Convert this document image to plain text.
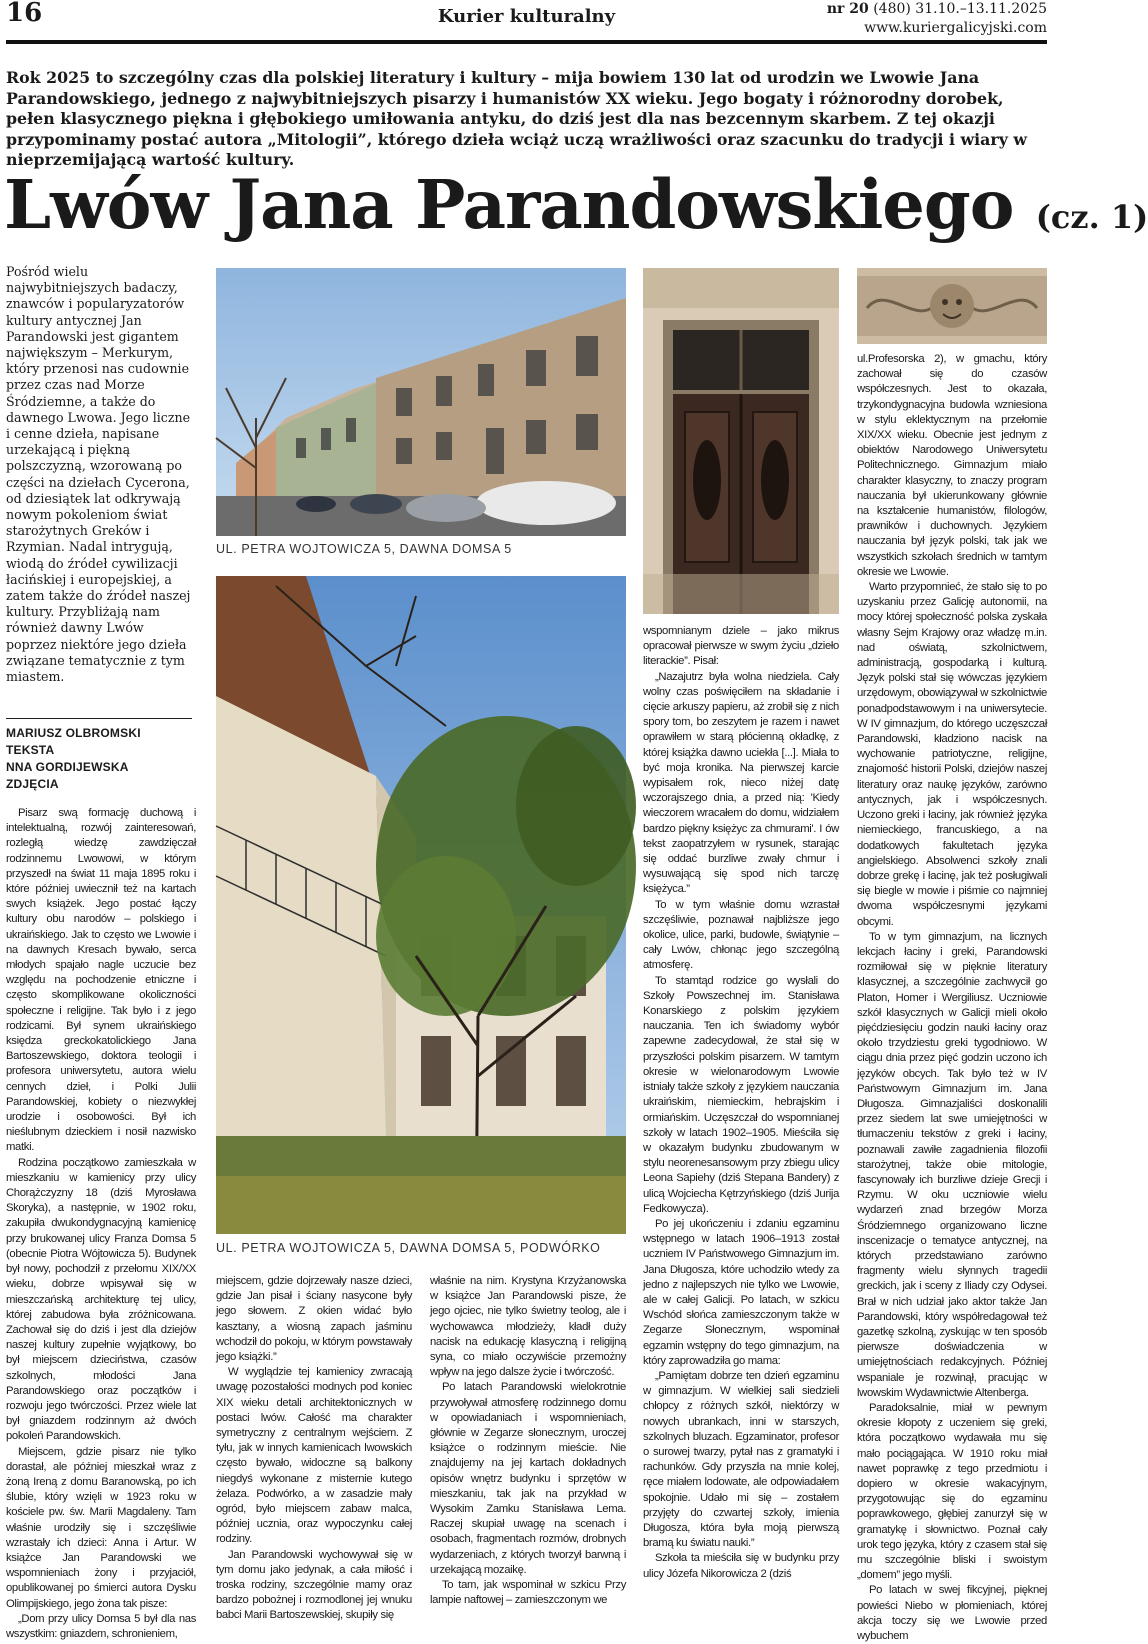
16	Kurier kulturalny	nr 20 (480) 31.10.–13.11.2025
www.kuriergalicyjski.com
Rok 2025 to szczególny czas dla polskiej literatury i kultury – mija bowiem 130 lat od urodzin we Lwowie Jana Parandowskiego, jednego z najwybitniejszych pisarzy i humanistów XX wieku. Jego bogaty i różnorodny dorobek, pełen klasycznego piękna i głębokiego umiłowania antyku, do dziś jest dla nas bezcennym skarbem. Z tej okazji przypominamy postać autora „Mitologii”, którego dzieła wciąż uczą wrażliwości oraz szacunku do tradycji i wiary w nieprzemijającą wartość kultury.
Lwów Jana Parandowskiego (cz. 1)
Pośród wielu najwybitniejszych badaczy, znawców i popularyzatorów kultury antycznej Jan Parandowski jest gigantem największym – Merkurym, który przenosi nas cudownie przez czas nad Morze Śródziemne, a także do dawnego Lwowa. Jego liczne i cenne dzieła, napisane urzekającą i piękną polszczyzną, wzorowaną po części na dziełach Cycerona, od dziesiątek lat odkrywają nowym pokoleniom świat starożytnych Greków i Rzymian. Nadal intrygują, wiodą do źródeł cywilizacji łacińskiej i europejskiej, a zatem także do źródeł naszej kultury. Przybliżają nam również dawny Lwów poprzez niektóre jego dzieła związane tematycznie z tym miastem.
MARIUSZ OLBROMSKI
TEKSTA
NNA GORDIJEWSKA
ZDJĘCIA
UL. PETRA WOJTOWICZA 5, DAWNA DOMSA 5
UL. PETRA WOJTOWICZA 5, DAWNA DOMSA 5, PODWÓRKO

Pisarz swą formację duchową i intelektualną, rozwój zainteresowań, rozległą wiedzę zawdzięczał rodzinnemu Lwowowi, w którym przyszedł na świat 11 maja 1895 roku i które później uwiecznił też na kartach swych książek. Jego postać łączy kultury obu narodów – polskiego i ukraińskiego. Jak to często we Lwowie i na dawnych Kresach bywało, serca młodych spajało nagle uczucie bez względu na pochodzenie etniczne i często skomplikowane okoliczności społeczne i religijne. Tak było i z jego rodzicami. Był synem ukraińskiego księdza greckokatolickiego Jana Bartoszewskiego, doktora teologii i profesora uniwersytetu, autora wielu cennych dzieł, i Polki Julii Parandowskiej, kobiety o niezwykłej urodzie i osobowości. Był ich nieślubnym dzieckiem i nosił nazwisko matki.

Rodzina początkowo zamieszkała w mieszkaniu w kamienicy przy ulicy Chorążczyzny 18 (dziś Myrosława Skoryka), a następnie, w 1902 roku, zakupiła dwukondygnacyjną kamienicę przy brukowanej ulicy Franza Domsa 5 (obecnie Piotra Wójtowicza 5). Budynek był nowy, pochodził z przełomu XIX/XX wieku, dobrze wpisywał się w mieszczańską architekturę tej ulicy, której zabudowa była zróżnicowana. Zachował się do dziś i jest dla dziejów naszej kultury zupełnie wyjątkowy, bo był miejscem dzieciństwa, czasów szkolnych, młodości Jana Parandowskiego oraz początków i rozwoju jego twórczości. Przez wiele lat był gniazdem rodzinnym aż dwóch pokoleń Parandowskich.

Miejscem, gdzie pisarz nie tylko dorastał, ale później mieszkał wraz z żoną Ireną z domu Baranowską, po ich ślubie, który wzięli w 1923 roku w kościele pw. św. Marii Magdaleny. Tam właśnie urodziły się i szczęśliwie wzrastały ich dzieci: Anna i Artur. W książce Jan Parandowski we wspomnieniach żony i przyjaciół, opublikowanej po śmierci autora Dysku Olimpijskiego, jego żona tak pisze:

„Dom przy ulicy Domsa 5 był dla nas wszystkim: gniazdem, schronieniem,

miejscem, gdzie dojrzewały nasze dzieci, gdzie Jan pisał i ściany nasycone były jego słowem. Z okien widać było kasztany, a wiosną zapach jaśminu wchodził do pokoju, w którym powstawały jego książki.”

W wyglądzie tej kamienicy zwracają uwagę pozostałości modnych pod koniec XIX wieku detali architektonicznych w postaci lwów. Całość ma charakter symetryczny z centralnym wejściem. Z tyłu, jak w innych kamienicach lwowskich często bywało, widoczne są balkony niegdyś wykonane z misternie kutego żelaza. Podwórko, a w zasadzie mały ogród, było miejscem zabaw malca, później ucznia, oraz wypoczynku całej rodziny.

Jan Parandowski wychowywał się w tym domu jako jedynak, a cała miłość i troska rodziny, szczególnie mamy oraz bardzo pobożnej i rozmodlonej jej wnuku babci Marii Bartoszewskiej, skupiły się

właśnie na nim. Krystyna Krzyżanowska w książce Jan Parandowski pisze, że jego ojciec, nie tylko świetny teolog, ale i wychowawca młodzieży, kładł duży nacisk na edukację klasyczną i religijną syna, co miało oczywiście przemożny wpływ na jego dalsze życie i twórczość.

Po latach Parandowski wielokrotnie przywoływał atmosferę rodzinnego domu w opowiadaniach i wspomnieniach, głównie w Zegarze słonecznym, uroczej książce o rodzinnym mieście. Nie znajdujemy na jej kartach dokładnych opisów wnętrz budynku i sprzętów w mieszkaniu, tak jak na przykład w Wysokim Zamku Stanisława Lema. Raczej skupiał uwagę na scenach i osobach, fragmentach rozmów, drobnych wydarzeniach, z których tworzył barwną i urzekającą mozaikę.

To tam, jak wspominał w szkicu Przy lampie naftowej – zamieszczonym we

wspomnianym dziele – jako mikrus opracował pierwsze w swym życiu „dzieło literackie”. Pisał:

„Nazajutrz była wolna niedziela. Cały wolny czas poświęciłem na składanie i cięcie arkuszy papieru, aż zrobił się z nich spory tom, bo zeszytem je razem i nawet oprawiłem w starą płócienną okładkę, z której książka dawno uciekła [...]. Miała to być moja kronika. Na pierwszej karcie wypisałem rok, nieco niżej datę wczorajszego dnia, a przed nią: 'Kiedy wieczorem wracałem do domu, widziałem bardzo piękny księżyc za chmurami'. I ów tekst zaopatrzyłem w rysunek, starając się oddać burzliwe zwały chmur i wysuwającą się spod nich tarczę księżyca.”

To w tym właśnie domu wzrastał szczęśliwie, poznawał najbliższe jego okolice, ulice, parki, budowle, świątynie – cały Lwów, chłonąc jego szczególną atmosferę.

To stamtąd rodzice go wysłali do Szkoły Powszechnej im. Stanisława Konarskiego z polskim językiem nauczania. Ten ich świadomy wybór zapewne zadecydował, że stał się w przyszłości polskim pisarzem. W tamtym okresie w wielonarodowym Lwowie istniały także szkoły z językiem nauczania ukraińskim, niemieckim, hebrajskim i ormiańskim. Uczęszczał do wspomnianej szkoły w latach 1902–1905. Mieściła się w okazałym budynku zbudowanym w stylu neorenesansowym przy zbiegu ulicy Leona Sapiehy (dziś Stepana Bandery) z ulicą Wojciecha Kętrzyńskiego (dziś Jurija Fedkowycza).

Po jej ukończeniu i zdaniu egzaminu wstępnego w latach 1906–1913 został uczniem IV Państwowego Gimnazjum im. Jana Długosza, które uchodziło wtedy za jedno z najlepszych nie tylko we Lwowie, ale w całej Galicji. Po latach, w szkicu Wschód słońca zamieszczonym także w Zegarze Słonecznym, wspominał egzamin wstępny do tego gimnazjum, na który zaprowadziła go mama:

„Pamiętam dobrze ten dzień egzaminu w gimnazjum. W wielkiej sali siedzieli chłopcy z różnych szkół, niektórzy w nowych ubrankach, inni w starszych, szkolnych bluzach. Egzaminator, profesor o surowej twarzy, pytał nas z gramatyki i rachunków. Gdy przyszła na mnie kolej, ręce miałem lodowate, ale odpowiadałem spokojnie. Udało mi się – zostałem przyjęty do czwartej szkoły, imienia Długosza, która była moją pierwszą bramą ku światu nauki.”

Szkoła ta mieściła się w budynku przy ulicy Józefa Nikorowicza 2 (dziś

ul.Profesorska 2), w gmachu, który zachował się do czasów współczesnych. Jest to okazała, trzykondygnacyjna budowla wzniesiona w stylu eklektycznym na przełomie XIX/XX wieku. Obecnie jest jednym z obiektów Narodowego Uniwersytetu Politechnicznego. Gimnazjum miało charakter klasyczny, to znaczy program nauczania był ukierunkowany głównie na kształcenie humanistów, filologów, prawników i duchownych. Językiem nauczania był język polski, tak jak we wszystkich szkołach średnich w tamtym okresie we Lwowie.

Warto przypomnieć, że stało się to po uzyskaniu przez Galicję autonomii, na mocy której społeczność polska zyskała własny Sejm Krajowy oraz władzę m.in. nad oświatą, szkolnictwem, administracją, gospodarką i kulturą. Język polski stał się wówczas językiem urzędowym, obowiązywał w szkolnictwie ponadpodstawowym i na uniwersytecie. W IV gimnazjum, do którego uczęszczał Parandowski, kładziono nacisk na wychowanie patriotyczne, religijne, znajomość historii Polski, dziejów naszej literatury oraz naukę języków, zarówno antycznych, jak i współczesnych. Uczono greki i łaciny, jak również języka niemieckiego, francuskiego, a na dodatkowych fakultetach języka angielskiego. Absolwenci szkoły znali dobrze grekę i łacinę, jak też posługiwali się biegle w mowie i piśmie co najmniej dwoma współczesnymi językami obcymi.

To w tym gimnazjum, na licznych lekcjach łaciny i greki, Parandowski rozmiłował się w pięknie literatury klasycznej, a szczególnie zachwycił go Platon, Homer i Wergiliusz. Uczniowie szkół klasycznych w Galicji mieli około pięćdziesięciu godzin nauki łaciny oraz około trzydziestu greki tygodniowo. W ciągu dnia przez pięć godzin uczono ich języków obcych. Tak było też w IV Państwowym Gimnazjum im. Jana Długosza. Gimnazjaliści doskonalili przez siedem lat swe umiejętności w tłumaczeniu tekstów z greki i łaciny, poznawali zawiłe zagadnienia filozofii starożytnej, także obie mitologie, fascynowały ich burzliwe dzieje Grecji i Rzymu. W oku uczniowie wielu wydarzeń znad brzegów Morza Śródziemnego organizowano liczne inscenizacje o tematyce antycznej, na których przedstawiano zarówno fragmenty wielu słynnych tragedii greckich, jak i sceny z Iliady czy Odysei. Brał w nich udział jako aktor także Jan Parandowski, który współredagował też gazetkę szkolną, zyskując w ten sposób pierwsze doświadczenia w umiejętnościach redakcyjnych. Później wspaniale je rozwinął, pracując w lwowskim Wydawnictwie Altenberga.

Paradoksalnie, miał w pewnym okresie kłopoty z uczeniem się greki, która początkowo wydawała mu się mało pociągająca. W 1910 roku miał nawet poprawkę z tego przedmiotu i dopiero w okresie wakacyjnym, przygotowując się do egzaminu poprawkowego, głębiej zanurzył się w gramatykę i słownictwo. Poznał cały urok tego języka, który z czasem stał się mu szczególnie bliski i swoistym „domem” jego myśli.

Po latach w swej fikcyjnej, pięknej powieści Niebo w płomieniach, której akcja toczy się we Lwowie przed wybuchem
